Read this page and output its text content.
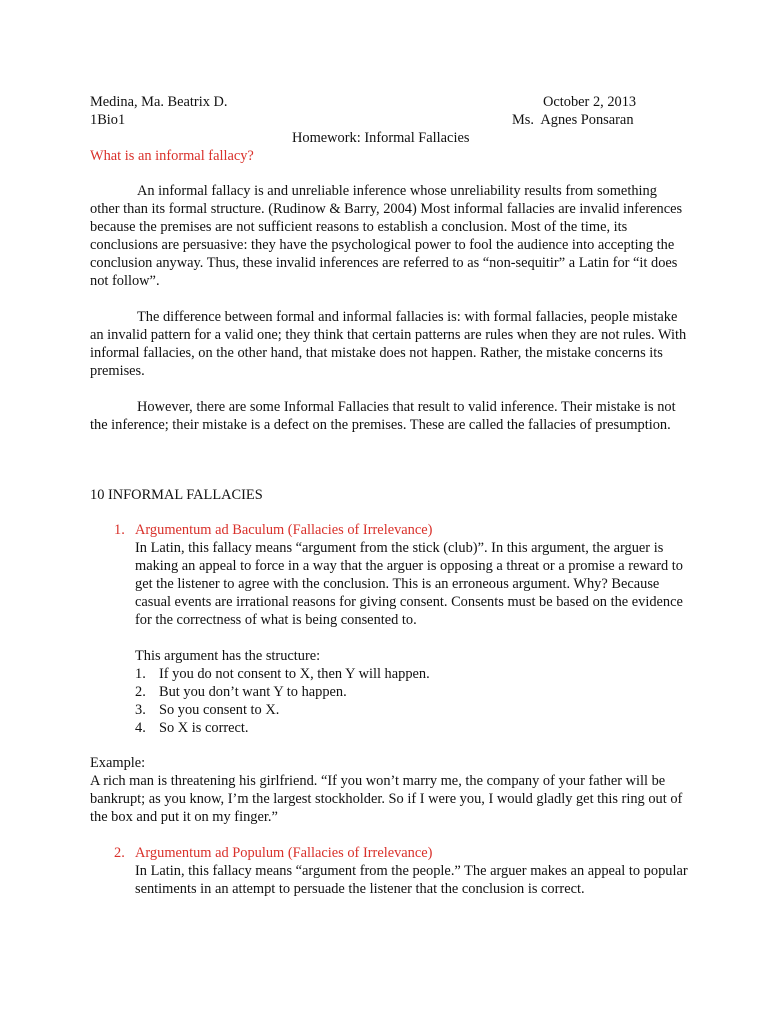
Medina, Ma. Beatrix D.	October 2, 2013
1Bio1	Ms.  Agnes Ponsaran
Homework: Informal Fallacies
What is an informal fallacy?

An informal fallacy is and unreliable inference whose unreliability results from something other than its formal structure. (Rudinow & Barry, 2004) Most informal fallacies are invalid inferences because the premises are not sufficient reasons to establish a conclusion. Most of the time, its conclusions are persuasive: they have the psychological power to fool the audience into accepting the conclusion anyway. Thus, these invalid inferences are referred to as “non-sequitir” a Latin for “it does not follow”.

The difference between formal and informal fallacies is: with formal fallacies, people mistake an invalid pattern for a valid one; they think that certain patterns are rules when they are not rules. With informal fallacies, on the other hand, that mistake does not happen. Rather, the mistake concerns its premises.

However, there are some Informal Fallacies that result to valid inference. Their mistake is not the inference; their mistake is a defect on the premises. These are called the fallacies of presumption.

10 INFORMAL FALLACIES
1. Argumentum ad Baculum (Fallacies of Irrelevance)

In Latin, this fallacy means “argument from the stick (club)”. In this argument, the arguer is making an appeal to force in a way that the arguer is opposing a threat or a promise a reward to get the listener to agree with the conclusion. This is an erroneous argument. Why? Because casual events are irrational reasons for giving consent. Consents must be based on the evidence for the correctness of what is being consented to.

This argument has the structure:
1. If you do not consent to X, then Y will happen.
2. But you don’t want Y to happen.
3. So you consent to X.
4. So X is correct.
Example:

A rich man is threatening his girlfriend. “If you won’t marry me, the company of your father will be bankrupt; as you know, I’m the largest stockholder. So if I were you, I would gladly get this ring out of the box and put it on my finger.”

2. Argumentum ad Populum (Fallacies of Irrelevance)

In Latin, this fallacy means “argument from the people.” The arguer makes an appeal to popular sentiments in an attempt to persuade the listener that the conclusion is correct.
